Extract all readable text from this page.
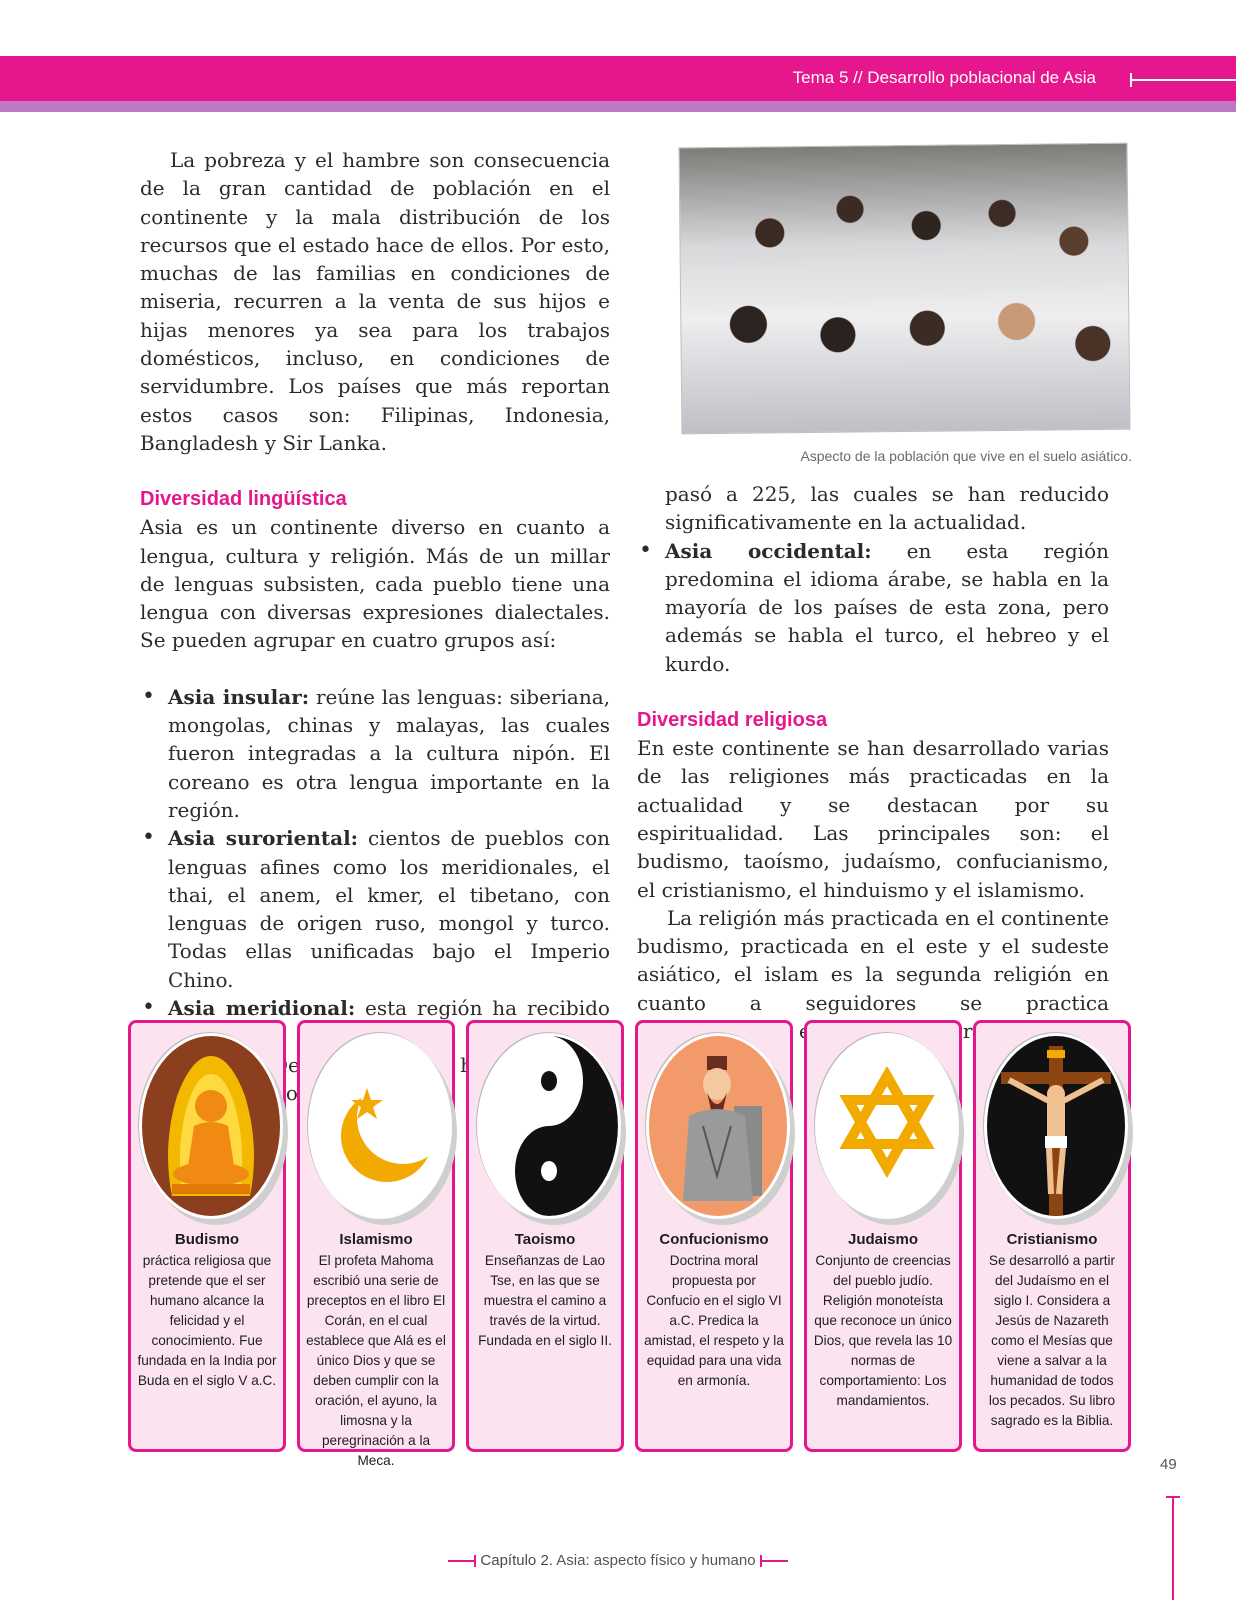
Tema 5 // Desarrollo poblacional de Asia

La pobreza y el hambre son consecuencia de la gran cantidad de población en el continente y la mala distribución de los recursos que el estado hace de ellos. Por esto, muchas de las familias en condiciones de miseria, recurren a la venta de sus hijos e hijas menores ya sea para los trabajos domésticos, incluso, en condiciones de servidumbre. Los países que más reportan estos casos son: Filipinas, Indonesia, Bangladesh y Sir Lanka.

Diversidad lingüística

Asia es un continente diverso en cuanto a lengua, cultura y religión. Más de un millar de lenguas subsisten, cada pueblo tiene una lengua con diversas expresiones dialectales. Se pueden agrupar en cuatro grupos así:

• Asia insular: reúne las lenguas: siberiana, mongolas, chinas y malayas, las cuales fueron integradas a la cultura nipón. El coreano es otra lengua importante en la región.
• Asia suroriental: cientos de pueblos con lenguas afines como los meridionales, el thai, el anem, el kmer, el tibetano, con lenguas de origen ruso, mongol y turco. Todas ellas unificadas bajo el Imperio Chino.
• Asia meridional: esta región ha recibido los
Aspecto de la población que vive en el suelo asiático.
pasó a 225, las cuales se han reducido significativamente en la actualidad.
• Asia occidental: en esta región predomina el idioma árabe, se habla en la mayoría de los países de esta zona, pero además se habla el turco, el hebreo y el kurdo.

Diversidad religiosa

En este continente se han desarrollado varias de las religiones más practicadas en la actualidad y se destacan por su espiritualidad. Las principales son: el budismo, taoísmo, judaísmo, confucianismo, el cristianismo, el hinduismo y el islamismo.

La religión más practicada en el continente budismo, practicada en el este y el sudeste asiático, el islam es la segunda religión en cuanto a seguidores se practica

Budismo
práctica religiosa que pretende que el ser humano alcance la felicidad y el conocimiento. Fue fundada en la India por Buda en el siglo V a.C.
Islamismo
El profeta Mahoma escribió una serie de preceptos en el libro El Corán, en el cual establece que Alá es el único Dios y que se deben cumplir con la oración, el ayuno, la limosna y la peregrinación a la Meca.
Taoismo
Enseñanzas de Lao Tse, en las que se muestra el camino a través de la virtud. Fundada en el siglo II.
Confucionismo
Doctrina moral propuesta por Confucio en el siglo VI a.C. Predica la amistad, el respeto y la equidad para una vida en armonía.
Judaismo
Conjunto de creencias del pueblo judío. Religión monoteísta que reconoce un único Dios, que revela las 10 normas de comportamiento: Los mandamientos.
Cristianismo
Se desarrolló a partir del Judaísmo en el siglo I. Considera a Jesús de Nazareth como el Mesías que viene a salvar a la humanidad de todos los pecados. Su libro sagrado es la Biblia.
49
Capítulo 2. Asia: aspecto físico y humano
